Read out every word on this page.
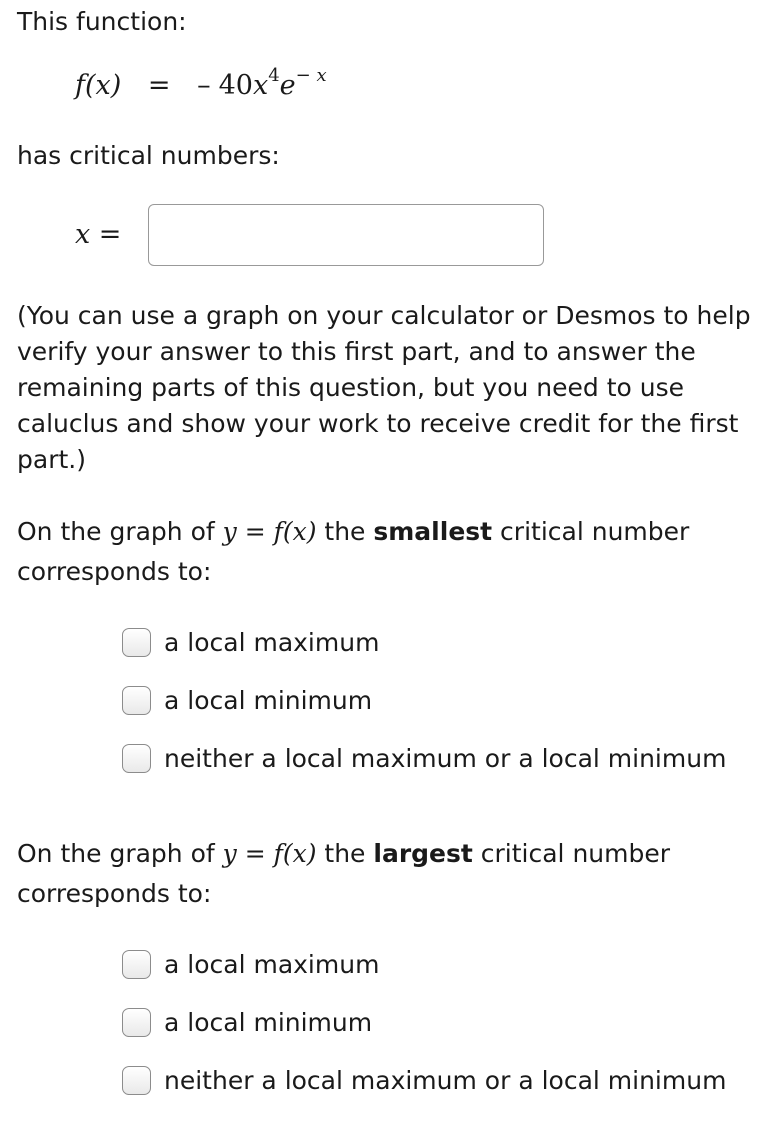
This function:
f(x) = – $40x^4e^{- x}$
has critical numbers:
x =
(You can use a graph on your calculator or Desmos to help verify your answer to this first part, and to answer the remaining parts of this question, but you need to use caluclus and show your work to receive credit for the first part.)
On the graph of y = f(x) the smallest critical number
corresponds to:
a local maximum
a local minimum
neither a local maximum or a local minimum
On the graph of y = f(x) the largest critical number
corresponds to:
a local maximum
a local minimum
neither a local maximum or a local minimum
